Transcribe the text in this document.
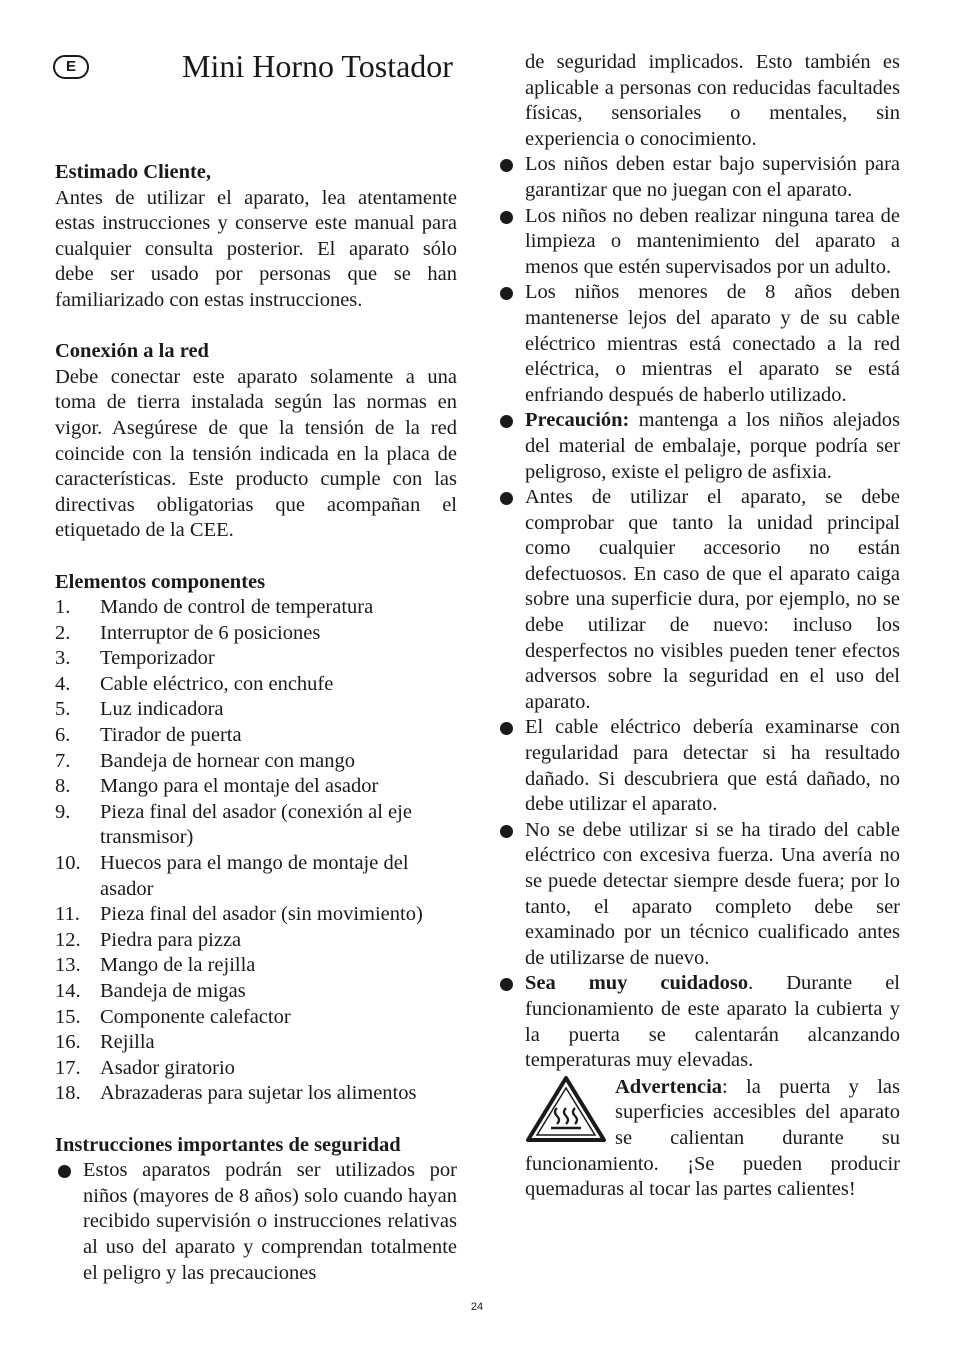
E	Mini Horno Tostador

Estimado Cliente,

Antes de utilizar el aparato, lea atentamente estas instrucciones y conserve este manual para cualquier consulta posterior. El aparato sólo debe ser usado por personas que se han familiarizado con estas instrucciones.

Conexión a la red

Debe conectar este aparato solamente a una toma de tierra instalada según las normas en vigor. Asegúrese de que la tensión de la red coincide con la tensión indicada en la placa de características. Este producto cumple con las directivas obligatorias que acompañan el etiquetado de la CEE.

Elementos componentes

1.	Mando de control de temperatura
2.	Interruptor de 6 posiciones
3.	Temporizador
4.	Cable eléctrico, con enchufe
5.	Luz indicadora
6.	Tirador de puerta
7.	Bandeja de hornear con mango
8.	Mango para el montaje del asador
9.	Pieza final del asador (conexión al eje transmisor)
10. Huecos para el mango de montaje del asador
11. Pieza final del asador (sin movimiento)
12. Piedra para pizza
13. Mango de la rejilla
14. Bandeja de migas
15. Componente calefactor
16. Rejilla
17. Asador giratorio
18. Abrazaderas para sujetar los alimentos

Instrucciones importantes de seguridad

Estos aparatos podrán ser utilizados por niños (mayores de 8 años) solo cuando hayan recibido supervisión o instrucciones relativas al uso del aparato y comprendan totalmente el peligro y las precauciones

de seguridad implicados. Esto también es aplicable a personas con reducidas facultades físicas, sensoriales o mentales, sin experiencia o conocimiento.

Los niños deben estar bajo supervisión para garantizar que no juegan con el aparato.
Los niños no deben realizar ninguna tarea de limpieza o mantenimiento del aparato a menos que estén supervisados por un adulto.
Los niños menores de 8 años deben mantenerse lejos del aparato y de su cable eléctrico mientras está conectado a la red eléctrica, o mientras el aparato se está enfriando después de haberlo utilizado.
Precaución: mantenga a los niños alejados del material de embalaje, porque podría ser peligroso, existe el peligro de asfixia.
Antes de utilizar el aparato, se debe comprobar que tanto la unidad principal como cualquier accesorio no están defectuosos. En caso de que el aparato caiga sobre una superficie dura, por ejemplo, no se debe utilizar de nuevo: incluso los desperfectos no visibles pueden tener efectos adversos sobre la seguridad en el uso del aparato.
El cable eléctrico debería examinarse con regularidad para detectar si ha resultado dañado. Si descubriera que está dañado, no debe utilizar el aparato.
No se debe utilizar si se ha tirado del cable eléctrico con excesiva fuerza. Una avería no se puede detectar siempre desde fuera; por lo tanto, el aparato completo debe ser examinado por un técnico cualificado antes de utilizarse de nuevo.
Sea muy cuidadoso. Durante el funcionamiento de este aparato la cubierta y la puerta se calentarán alcanzando temperaturas muy elevadas.

Advertencia: la puerta y las superficies accesibles del aparato se calientan durante su funcionamiento. ¡Se pueden producir quemaduras al tocar las partes calientes!

24
